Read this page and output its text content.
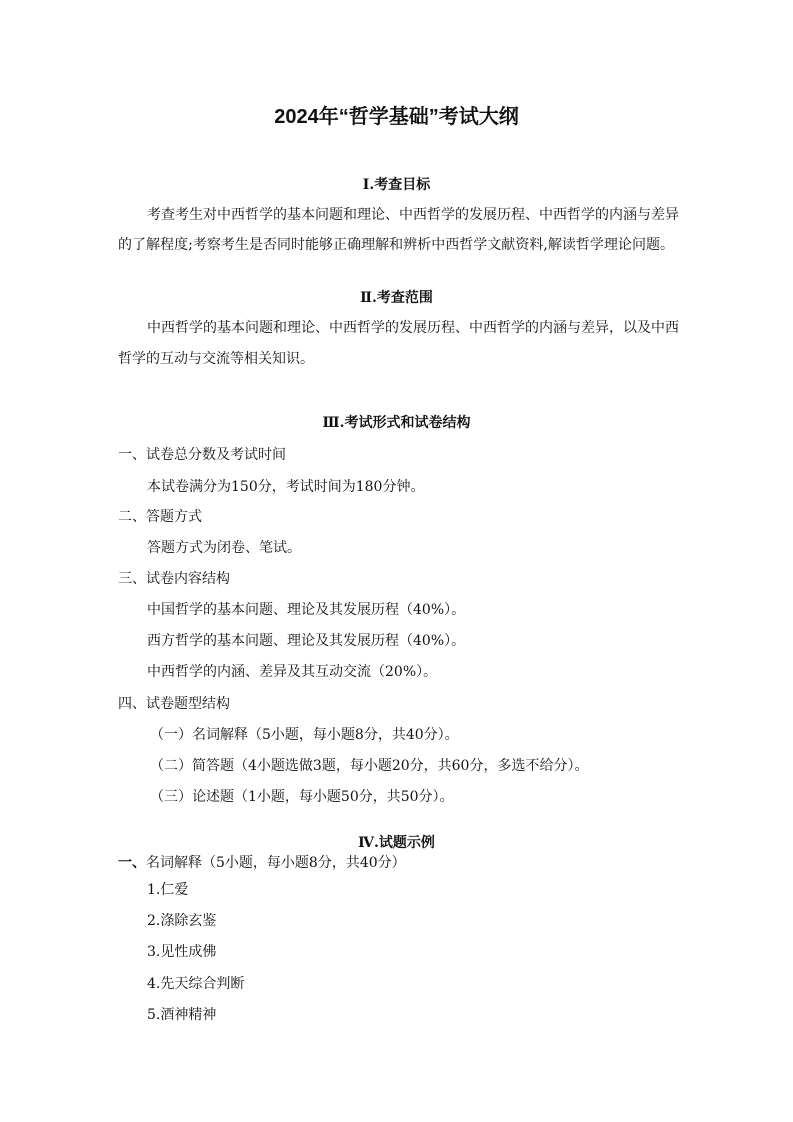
2024年“哲学基础”考试大纲
Ⅰ.考查目标
考查考生对中西哲学的基本问题和理论、中西哲学的发展历程、中西哲学的内涵与差异
的了解程度;考察考生是否同时能够正确理解和辨析中西哲学文献资料,解读哲学理论问题。
Ⅱ.考查范围
中西哲学的基本问题和理论、中西哲学的发展历程、中西哲学的内涵与差异，以及中西
哲学的互动与交流等相关知识。
Ⅲ.考试形式和试卷结构
一、试卷总分数及考试时间
本试卷满分为150分，考试时间为180分钟。
二、答题方式
答题方式为闭卷、笔试。
三、试卷内容结构
中国哲学的基本问题、理论及其发展历程（40%）。
西方哲学的基本问题、理论及其发展历程（40%）。
中西哲学的内涵、差异及其互动交流（20%）。
四、试卷题型结构
（一）名词解释（5小题，每小题8分，共40分）。
（二）简答题（4小题选做3题，每小题20分，共60分，多选不给分）。
（三）论述题（1小题，每小题50分，共50分）。
Ⅳ.试题示例
一、名词解释（5小题，每小题8分，共40分）
1.仁爱
2.涤除玄鉴
3.见性成佛
4.先天综合判断
5.酒神精神
